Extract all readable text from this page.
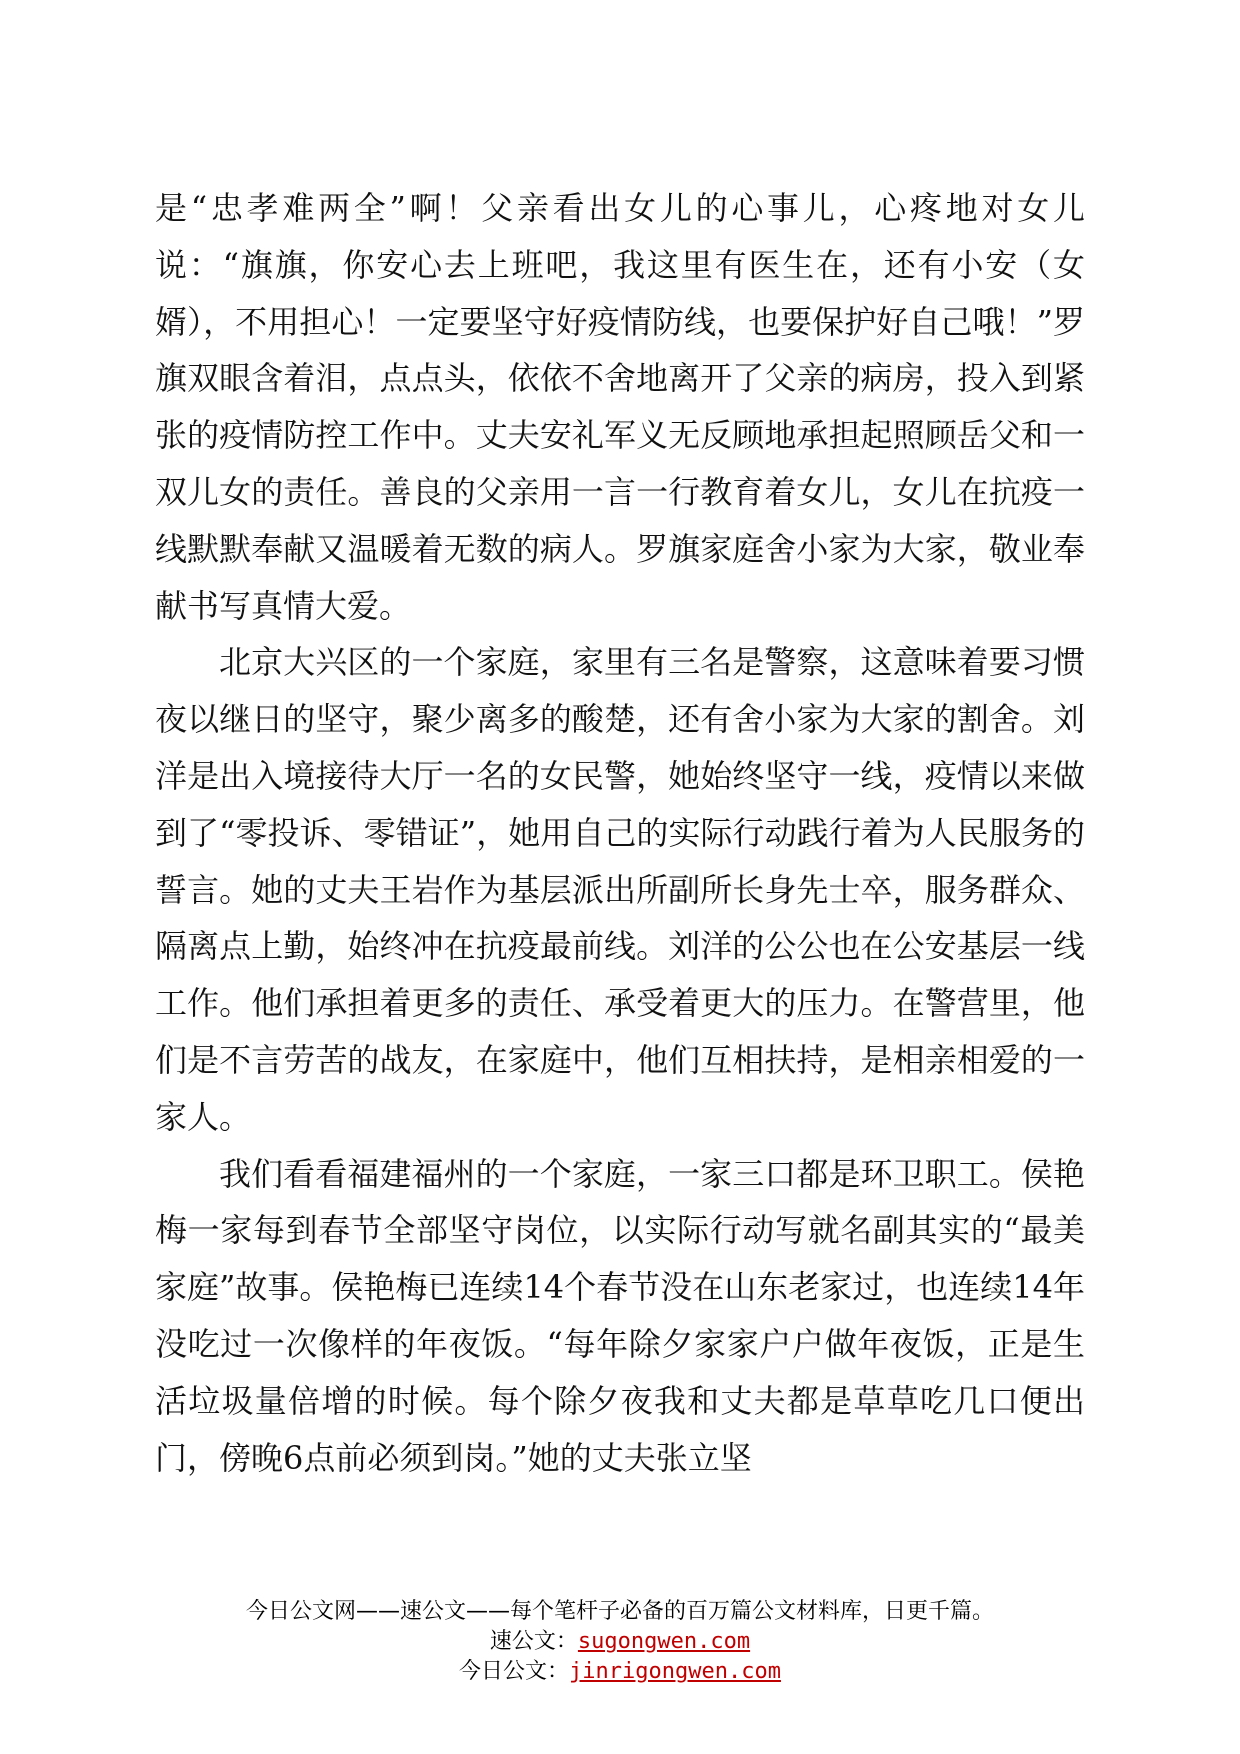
是“忠孝难两全”啊！父亲看出女儿的心事儿，心疼地对女儿说：“旗旗，你安心去上班吧，我这里有医生在，还有小安（女婿），不用担心！一定要坚守好疫情防线，也要保护好自己哦！”罗旗双眼含着泪，点点头，依依不舍地离开了父亲的病房，投入到紧张的疫情防控工作中。丈夫安礼军义无反顾地承担起照顾岳父和一双儿女的责任。善良的父亲用一言一行教育着女儿，女儿在抗疫一线默默奉献又温暖着无数的病人。罗旗家庭舍小家为大家，敬业奉献书写真情大爱。

北京大兴区的一个家庭，家里有三名是警察，这意味着要习惯夜以继日的坚守，聚少离多的酸楚，还有舍小家为大家的割舍。刘洋是出入境接待大厅一名的女民警，她始终坚守一线，疫情以来做到了“零投诉、零错证”，她用自己的实际行动践行着为人民服务的誓言。她的丈夫王岩作为基层派出所副所长身先士卒，服务群众、隔离点上勤，始终冲在抗疫最前线。刘洋的公公也在公安基层一线工作。他们承担着更多的责任、承受着更大的压力。在警营里，他们是不言劳苦的战友，在家庭中，他们互相扶持，是相亲相爱的一家人。

我们看看福建福州的一个家庭，一家三口都是环卫职工。侯艳梅一家每到春节全部坚守岗位，以实际行动写就名副其实的“最美家庭”故事。侯艳梅已连续14个春节没在山东老家过，也连续14年没吃过一次像样的年夜饭。“每年除夕家家户户做年夜饭，正是生活垃圾量倍增的时候。每个除夕夜我和丈夫都是草草吃几口便出门，傍晚6点前必须到岗。”她的丈夫张立坚

今日公文网——速公文——每个笔杆子必备的百万篇公文材料库，日更千篇。
速公文：sugongwen.com
今日公文：jinrigongwen.com
